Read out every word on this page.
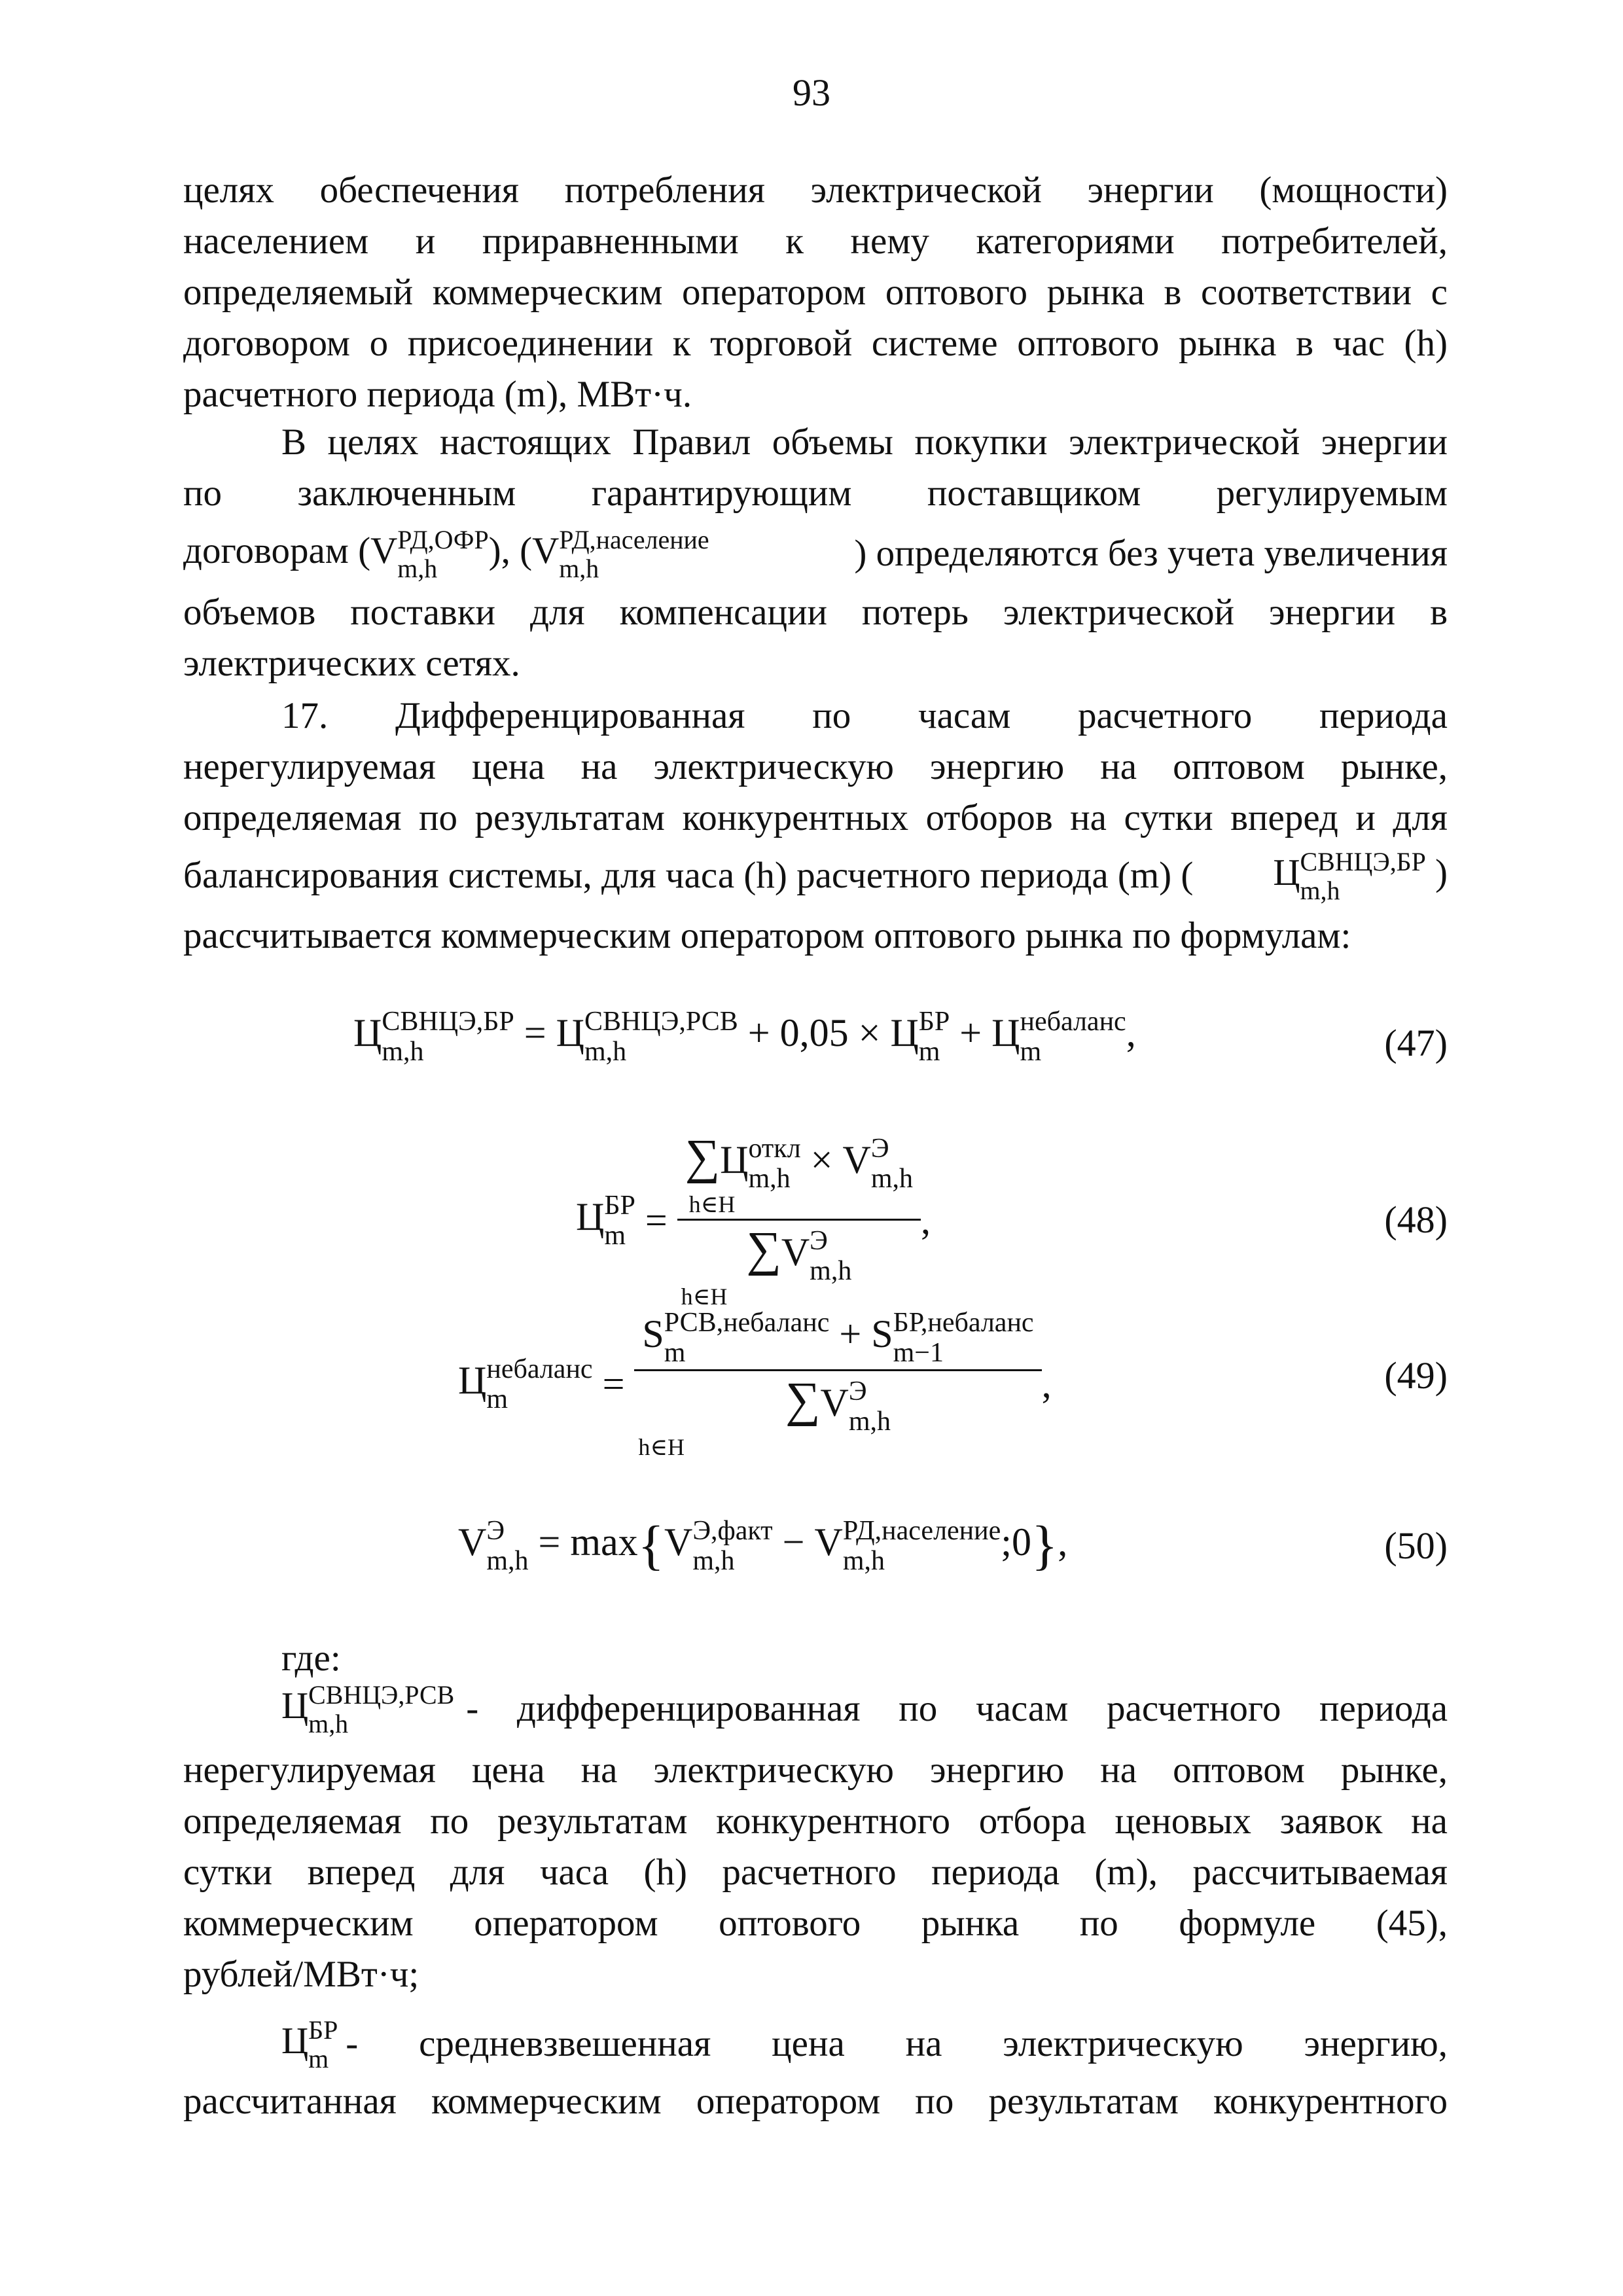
93
целях обеспечения потребления электрической энергии (мощности)
населением и приравненными к нему категориями потребителей,
определяемый коммерческим оператором оптового рынка в соответствии с
договором о присоединении к торговой системе оптового рынка в час (h)
расчетного периода (m), МВт·ч.
В целях настоящих Правил объемы покупки электрической энергии
по заключенным гарантирующим поставщиком регулируемым
договорам (V РД,ОФР
m,h	), (V РД,население
m,h	) определяются без учета увеличения
объемов поставки для компенсации потерь электрической энергии в
электрических сетях.
17. Дифференцированная по часам расчетного периода
нерегулируемая цена на электрическую энергию на оптовом рынке,
определяемая по результатам конкурентных отборов на сутки вперед и для
балансирования системы, для часа (h) расчетного периода (m) ( Ц СВНЦЭ,БР
m,h	)
рассчитывается коммерческим оператором оптового рынка по формулам:
Ц СВНЦЭ,БР
m,h	= Ц СВНЦЭ,РСВ
m,h	+ 0,05 × Ц БР
m + Ц небаланс
m	,	(47)
Ц БР
m = ∑Ц откл
m,h × V Э
m,h
h∈H
∑V Э
m,h
h∈H ,	(48)
Ц небаланс
m	= S РСВ,небаланс
m	+ S БР,небаланс
m−1
∑V Э
m,h
h∈H ,	(49)
V Э
m,h = max{V Э,факт
m,h	− V РД,население
m,h	;0},	(50)
где:
Ц СВНЦЭ,РСВ
m,h	- дифференцированная по часам расчетного периода
нерегулируемая цена на электрическую энергию на оптовом рынке,
определяемая по результатам конкурентного отбора ценовых заявок на
сутки вперед для часа (h) расчетного периода (m), рассчитываемая
коммерческим оператором оптового рынка по формуле (45),
рублей/МВт·ч;
Ц БР
m - средневзвешенная цена на электрическую энергию,
рассчитанная коммерческим оператором по результатам конкурентного
